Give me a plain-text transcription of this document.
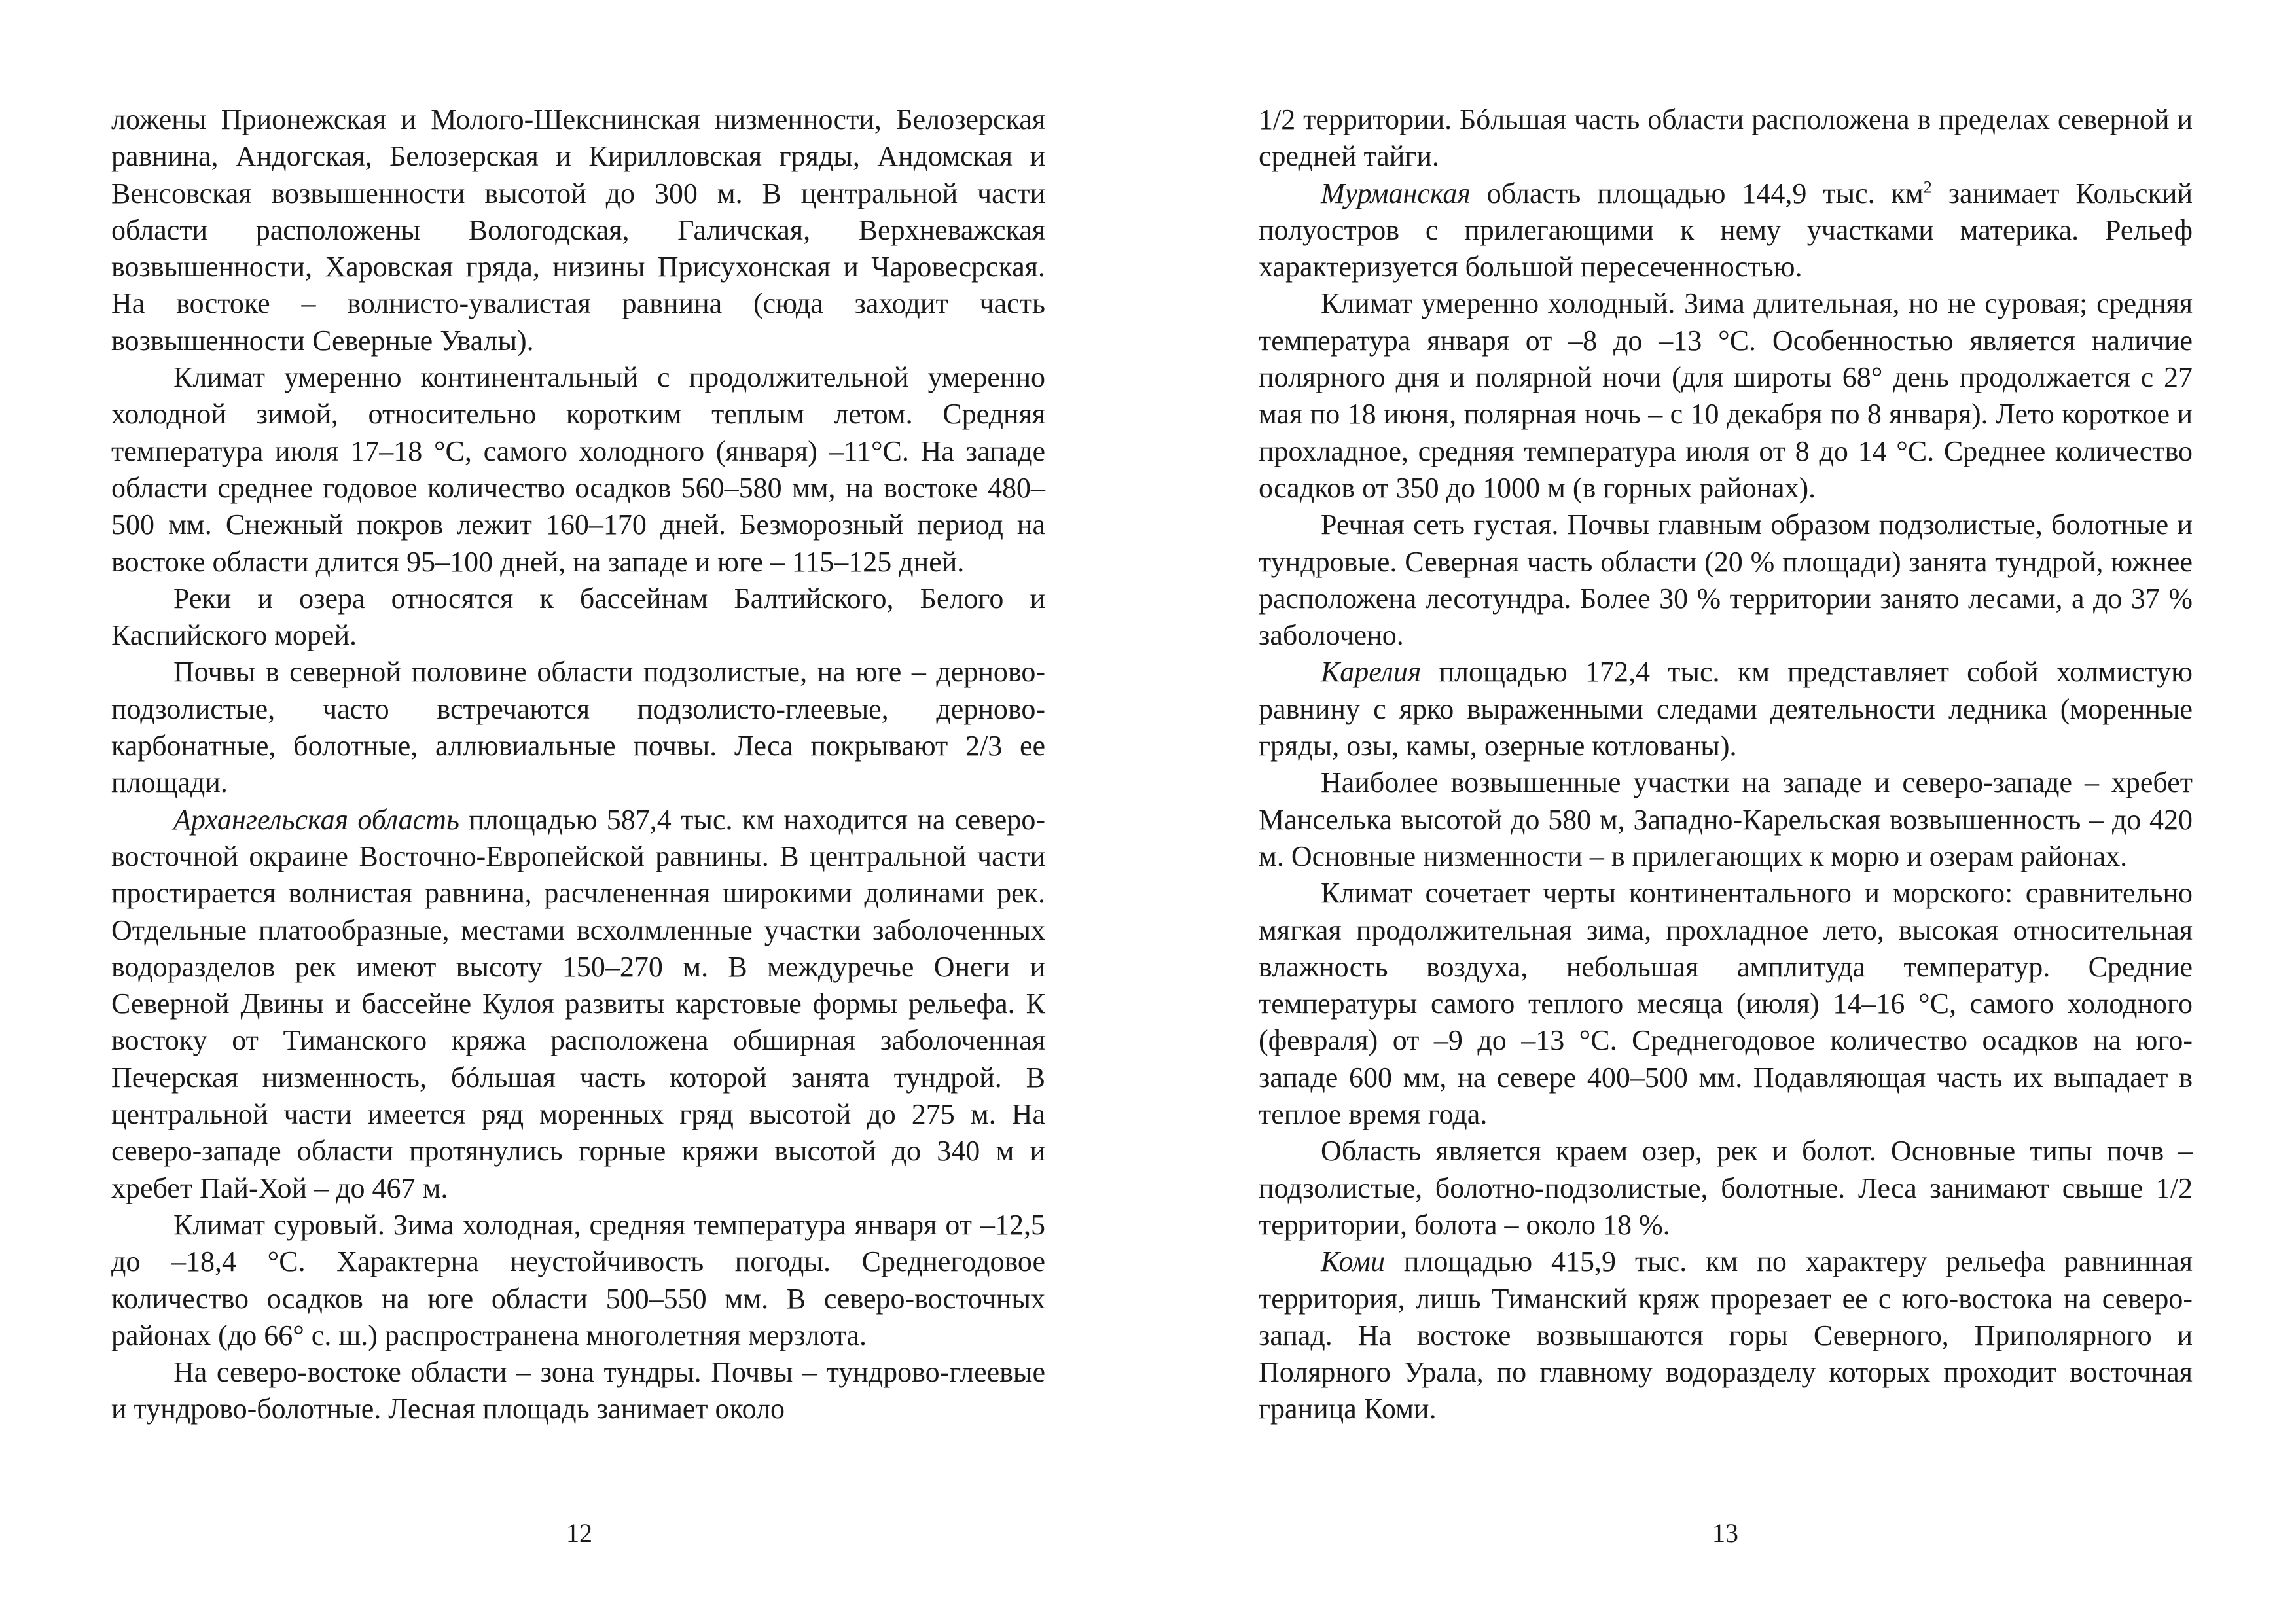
ложены Прионежская и Молого-Шекснинская низменности, Белозерская равнина, Андогская, Белозерская и Кирилловская гряды, Андомская и Венсовская возвышенности высотой до 300 м. В центральной части области расположены Вологодская, Галичская, Верхневажская возвышенности, Харовская гряда, низины Присухонская и Чаровесрская. На востоке – волнисто-увалистая равнина (сюда заходит часть возвышенности Северные Увалы).

Климат умеренно континентальный с продолжительной умеренно холодной зимой, относительно коротким теплым летом. Средняя температура июля 17–18 °С, самого холодного (января) –11°С. На западе области среднее годовое количество осадков 560–580 мм, на востоке 480–500 мм. Снежный покров лежит 160–170 дней. Безморозный период на востоке области длится 95–100 дней, на западе и юге – 115–125 дней.

Реки и озера относятся к бассейнам Балтийского, Белого и Каспийского морей.

Почвы в северной половине области подзолистые, на юге – дерново-подзолистые, часто встречаются подзолисто-глеевые, дерново-карбонатные, болотные, аллювиальные почвы. Леса покрывают 2/3 ее площади.

Архангельская область площадью 587,4 тыс. км находится на северо-восточной окраине Восточно-Европейской равнины. В центральной части простирается волнистая равнина, расчлененная широкими долинами рек. Отдельные платообразные, местами всхолмленные участки заболоченных водоразделов рек имеют высоту 150–270 м. В междуречье Онеги и Северной Двины и бассейне Кулоя развиты карстовые формы рельефа. К востоку от Тиманского кряжа расположена обширная заболоченная Печерская низменность, бóльшая часть которой занята тундрой. В центральной части имеется ряд моренных гряд высотой до 275 м. На северо-западе области протянулись горные кряжи высотой до 340 м и хребет Пай-Хой – до 467 м.

Климат суровый. Зима холодная, средняя температура января от –12,5 до –18,4 °С. Характерна неустойчивость погоды. Среднегодовое количество осадков на юге области 500–550 мм. В северо-восточных районах (до 66° с. ш.) распространена многолетняя мерзлота.

На северо-востоке области – зона тундры. Почвы – тундрово-глеевые и тундрово-болотные. Лесная площадь занимает около

12

1/2 территории. Бóльшая часть области расположена в пределах северной и средней тайги.

Мурманская область площадью 144,9 тыс. $км^2$ занимает Кольский полуостров с прилегающими к нему участками материка. Рельеф характеризуется большой пересеченностью.

Климат умеренно холодный. Зима длительная, но не суровая; средняя температура января от –8 до –13 °С. Особенностью является наличие полярного дня и полярной ночи (для широты 68° день продолжается с 27 мая по 18 июня, полярная ночь – с 10 декабря по 8 января). Лето короткое и прохладное, средняя температура июля от 8 до 14 °С. Среднее количество осадков от 350 до 1000 м (в горных районах).

Речная сеть густая. Почвы главным образом подзолистые, болотные и тундровые. Северная часть области (20 % площади) занята тундрой, южнее расположена лесотундра. Более 30 % территории занято лесами, а до 37 % заболочено.

Карелия площадью 172,4 тыс. км представляет собой холмистую равнину с ярко выраженными следами деятельности ледника (моренные гряды, озы, камы, озерные котлованы).

Наиболее возвышенные участки на западе и северо-западе – хребет Манселька высотой до 580 м, Западно-Карельская возвышенность – до 420 м. Основные низменности – в прилегающих к морю и озерам районах.

Климат сочетает черты континентального и морского: сравнительно мягкая продолжительная зима, прохладное лето, высокая относительная влажность воздуха, небольшая амплитуда температур. Средние температуры самого теплого месяца (июля) 14–16 °С, самого холодного (февраля) от –9 до –13 °С. Среднегодовое количество осадков на юго-западе 600 мм, на севере 400–500 мм. Подавляющая часть их выпадает в теплое время года.

Область является краем озер, рек и болот. Основные типы почв – подзолистые, болотно-подзолистые, болотные. Леса занимают свыше 1/2 территории, болота – около 18 %.

Коми площадью 415,9 тыс. км по характеру рельефа равнинная территория, лишь Тиманский кряж прорезает ее с юго-востока на северо-запад. На востоке возвышаются горы Северного, Приполярного и Полярного Урала, по главному водоразделу которых проходит восточная граница Коми.

13
